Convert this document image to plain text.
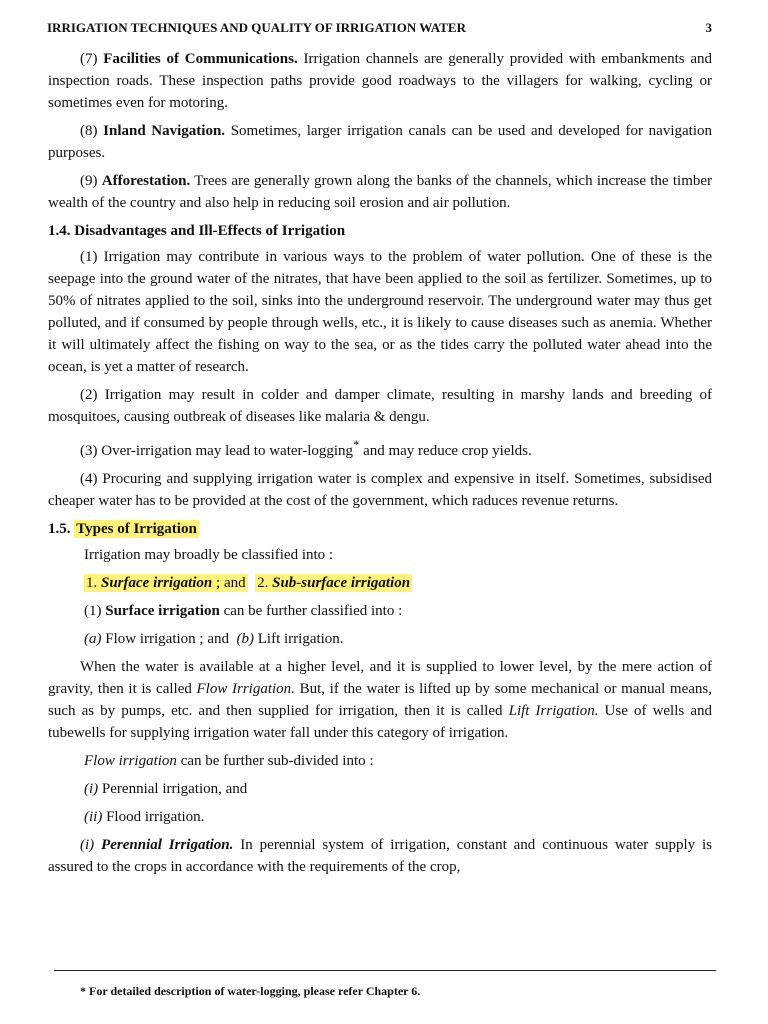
IRRIGATION TECHNIQUES AND QUALITY OF IRRIGATION WATER	3

(7) Facilities of Communications. Irrigation channels are generally provided with embankments and inspection roads. These inspection paths provide good roadways to the villagers for walking, cycling or sometimes even for motoring.

(8) Inland Navigation. Sometimes, larger irrigation canals can be used and developed for navigation purposes.

(9) Afforestation. Trees are generally grown along the banks of the channels, which increase the timber wealth of the country and also help in reducing soil erosion and air pollution.

1.4. Disadvantages and Ill-Effects of Irrigation

(1) Irrigation may contribute in various ways to the problem of water pollution. One of these is the seepage into the ground water of the nitrates, that have been applied to the soil as fertilizer. Sometimes, up to 50% of nitrates applied to the soil, sinks into the underground reservoir. The underground water may thus get polluted, and if consumed by people through wells, etc., it is likely to cause diseases such as anemia. Whether it will ultimately affect the fishing on way to the sea, or as the tides carry the polluted water ahead into the ocean, is yet a matter of research.

(2) Irrigation may result in colder and damper climate, resulting in marshy lands and breeding of mosquitoes, causing outbreak of diseases like malaria & dengu.

(3) Over-irrigation may lead to water-logging* and may reduce crop yields.

(4) Procuring and supplying irrigation water is complex and expensive in itself. Sometimes, subsidised cheaper water has to be provided at the cost of the government, which raduces revenue returns.

1.5. Types of Irrigation

Irrigation may broadly be classified into :

1. Surface irrigation ; and 2. Sub-surface irrigation

(1) Surface irrigation can be further classified into :

(a) Flow irrigation ; and (b) Lift irrigation.

When the water is available at a higher level, and it is supplied to lower level, by the mere action of gravity, then it is called Flow Irrigation. But, if the water is lifted up by some mechanical or manual means, such as by pumps, etc. and then supplied for irrigation, then it is called Lift Irrigation. Use of wells and tubewells for supplying irrigation water fall under this category of irrigation.

Flow irrigation can be further sub-divided into :

(i) Perennial irrigation, and

(ii) Flood irrigation.

(i) Perennial Irrigation. In perennial system of irrigation, constant and continuous water supply is assured to the crops in accordance with the requirements of the crop,

* For detailed description of water-logging, please refer Chapter 6.
